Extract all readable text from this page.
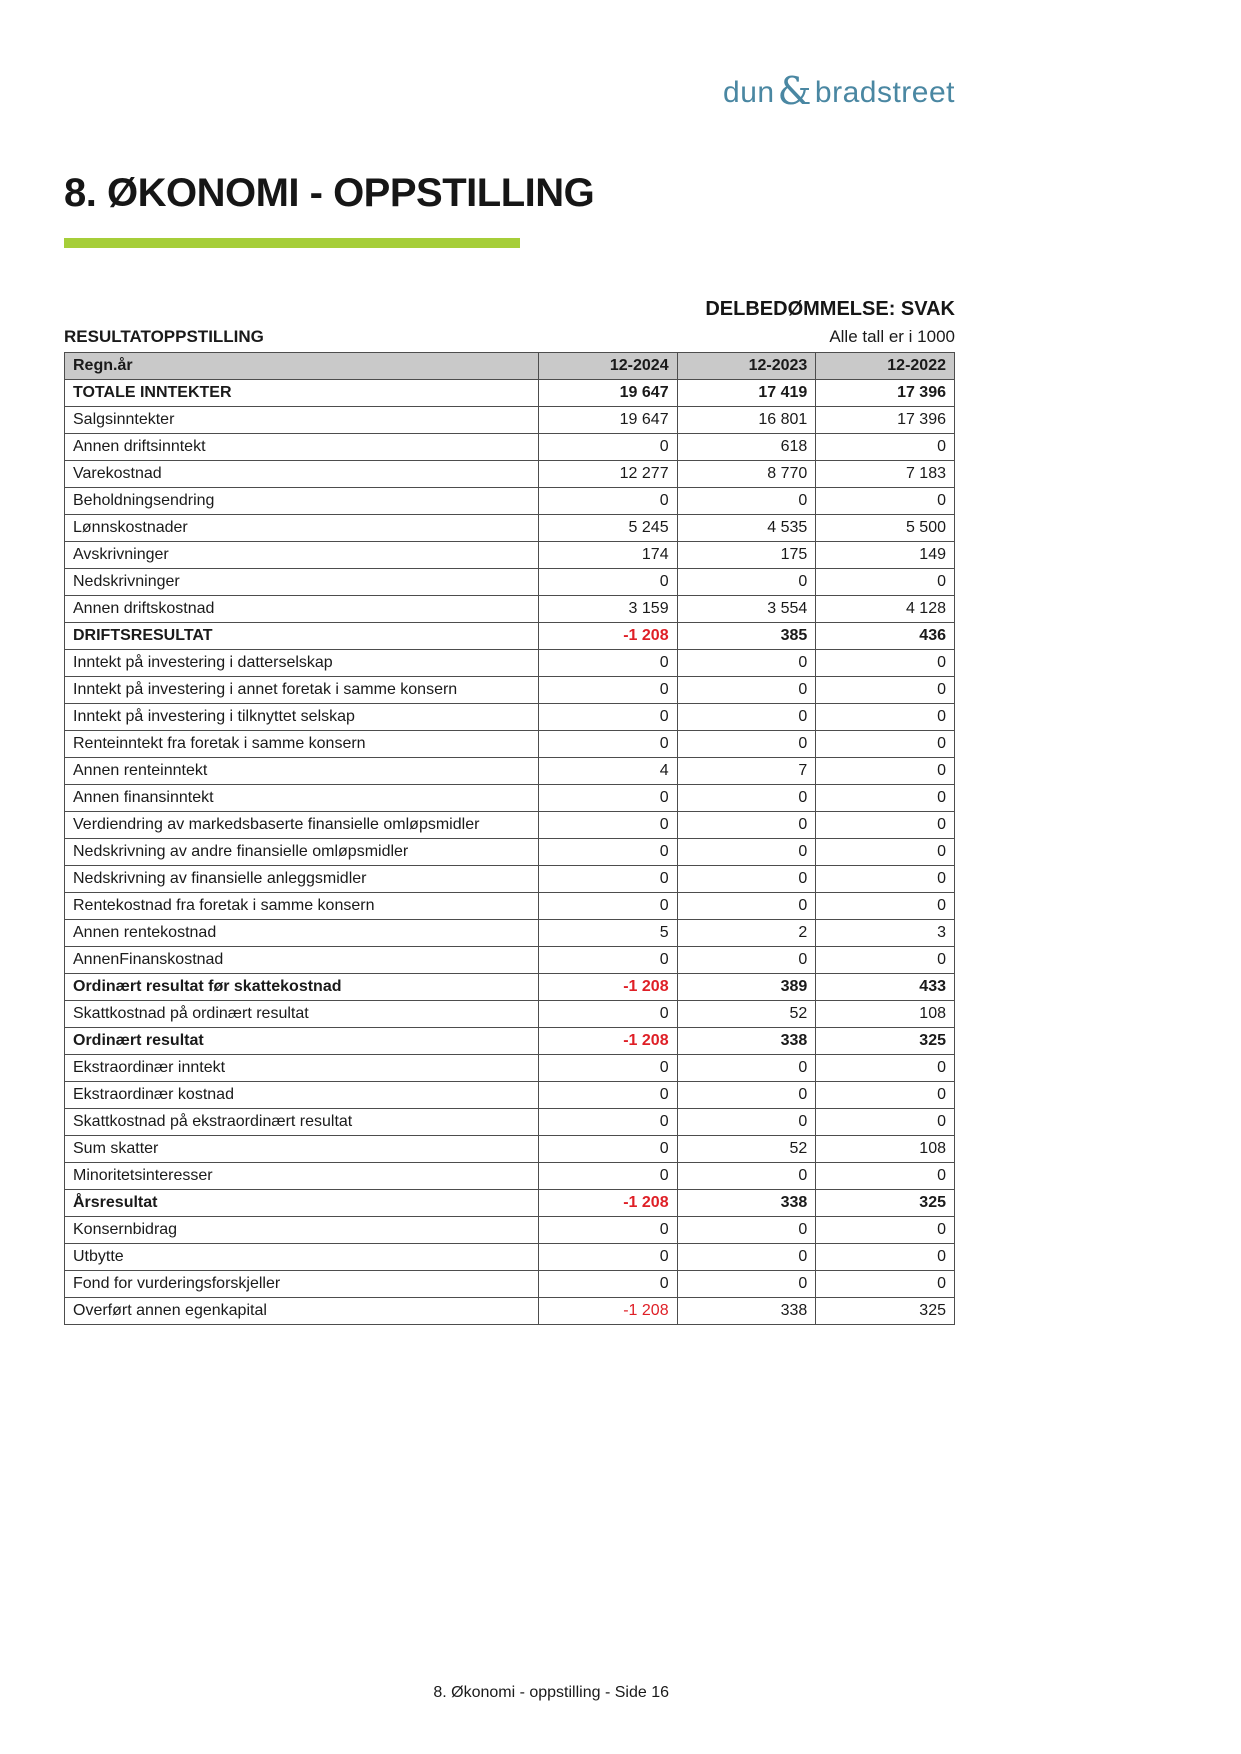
dun & bradstreet
8. ØKONOMI - OPPSTILLING
DELBEDØMMELSE: SVAK
RESULTATOPPSTILLING	Alle tall er i 1000
Regn.år	12-2024	12-2023	12-2022
TOTALE INNTEKTER	19 647	17 419	17 396
Salgsinntekter	19 647	16 801	17 396
Annen driftsinntekt	0	618	0
Varekostnad	12 277	8 770	7 183
Beholdningsendring	0	0	0
Lønnskostnader	5 245	4 535	5 500
Avskrivninger	174	175	149
Nedskrivninger	0	0	0
Annen driftskostnad	3 159	3 554	4 128
DRIFTSRESULTAT	-1 208	385	436
Inntekt på investering i datterselskap	0	0	0
Inntekt på investering i annet foretak i samme konsern	0	0	0
Inntekt på investering i tilknyttet selskap	0	0	0
Renteinntekt fra foretak i samme konsern	0	0	0
Annen renteinntekt	4	7	0
Annen finansinntekt	0	0	0
Verdiendring av markedsbaserte finansielle omløpsmidler	0	0	0
Nedskrivning av andre finansielle omløpsmidler	0	0	0
Nedskrivning av finansielle anleggsmidler	0	0	0
Rentekostnad fra foretak i samme konsern	0	0	0
Annen rentekostnad	5	2	3
AnnenFinanskostnad	0	0	0
Ordinært resultat før skattekostnad	-1 208	389	433
Skattkostnad på ordinært resultat	0	52	108
Ordinært resultat	-1 208	338	325
Ekstraordinær inntekt	0	0	0
Ekstraordinær kostnad	0	0	0
Skattkostnad på ekstraordinært resultat	0	0	0
Sum skatter	0	52	108
Minoritetsinteresser	0	0	0
Årsresultat	-1 208	338	325
Konsernbidrag	0	0	0
Utbytte	0	0	0
Fond for vurderingsforskjeller	0	0	0
Overført annen egenkapital	-1 208	338	325
8. Økonomi - oppstilling - Side 16
